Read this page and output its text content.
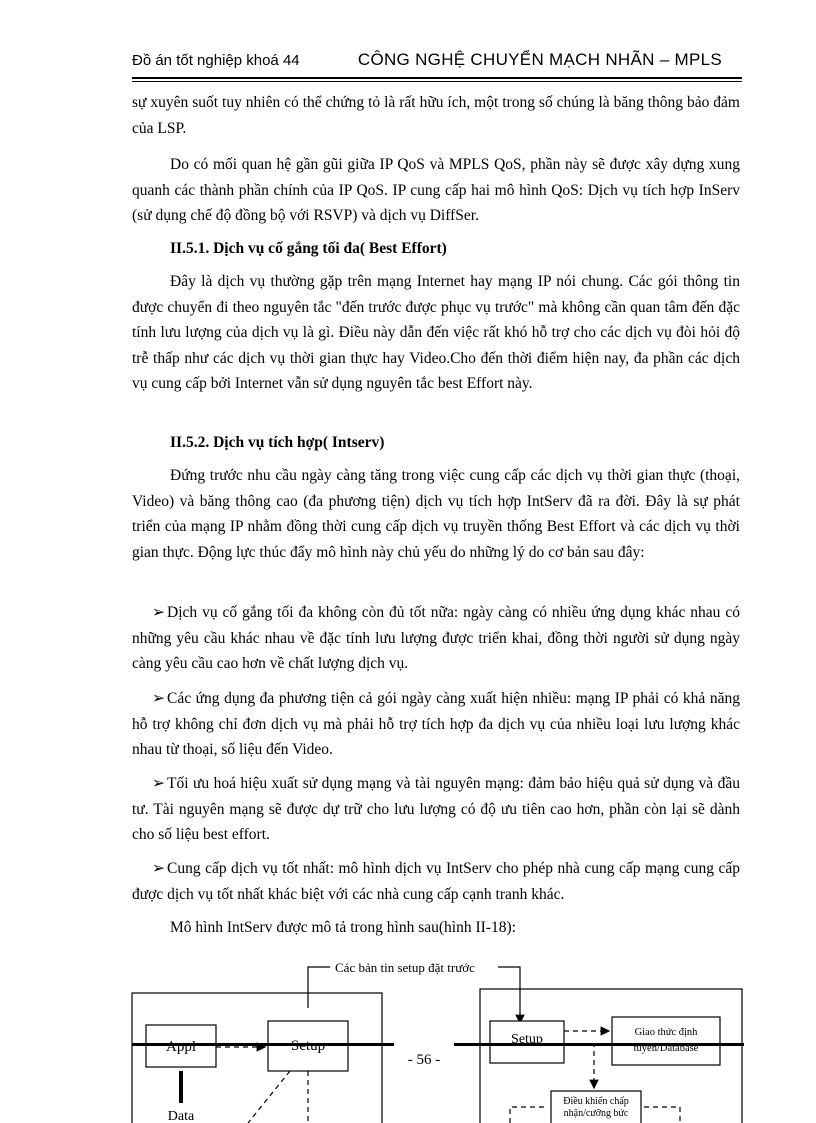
Đồ án tốt nghiệp khoá 44	CÔNG NGHỆ CHUYỂN MẠCH NHÃN – MPLS

sự xuyên suốt tuy nhiên có thể chứng tỏ là rất hữu ích, một trong số chúng là băng thông bảo đảm của LSP.

Do có mối quan hệ gần gũi giữa IP QoS và MPLS QoS, phần này sẽ được xây dựng xung quanh các thành phần chính của IP QoS. IP cung cấp hai mô hình QoS: Dịch vụ tích hợp InServ (sử dụng chế độ đồng bộ với RSVP) và dịch vụ DiffSer.

II.5.1. Dịch vụ cố gắng tối đa( Best Effort)

Đây là dịch vụ thường gặp trên mạng Internet hay mạng IP nói chung. Các gói thông tin được chuyển đi theo nguyên tắc "đến trước được phục vụ trước" mà không cần quan tâm đến đặc tính lưu lượng của dịch vụ là gì. Điều này dẫn đến việc rất khó hỗ trợ cho các dịch vụ đòi hỏi độ trễ thấp như các dịch vụ thời gian thực hay Video.Cho đến thời điểm hiện nay, đa phần các dịch vụ cung cấp bởi Internet vẫn sử dụng nguyên tắc best Effort này.

II.5.2. Dịch vụ tích hợp( Intserv)

Đứng trước nhu cầu ngày càng tăng trong việc cung cấp các dịch vụ thời gian thực (thoại, Video) và băng thông cao (đa phương tiện) dịch vụ tích hợp IntServ đã ra đời. Đây là sự phát triển của mạng IP nhằm đồng thời cung cấp dịch vụ truyền thống Best Effort và các dịch vụ thời gian thực. Động lực thúc đẩy mô hình này chủ yếu do những lý do cơ bản sau đây:

➢ Dịch vụ cố gắng tối đa không còn đủ tốt nữa: ngày càng có nhiều ứng dụng khác nhau có những yêu cầu khác nhau về đặc tính lưu lượng được triển khai, đồng thời người sử dụng ngày càng yêu cầu cao hơn về chất lượng dịch vụ.

➢ Các ứng dụng đa phương tiện cả gói ngày càng xuất hiện nhiều: mạng IP phải có khả năng hỗ trợ không chỉ đơn dịch vụ mà phải hỗ trợ tích hợp đa dịch vụ của nhiều loại lưu lượng khác nhau từ thoại, số liệu đến Video.

➢ Tối ưu hoá hiệu xuất sử dụng mạng và tài nguyên mạng: đảm bảo hiệu quả sử dụng và đầu tư. Tài nguyên mạng sẽ được dự trữ cho lưu lượng có độ ưu tiên cao hơn, phần còn lại sẽ dành cho số liệu best effort.

➢ Cung cấp dịch vụ tốt nhất: mô hình dịch vụ IntServ cho phép nhà cung cấp mạng cung cấp được dịch vụ tốt nhất khác biệt với các nhà cung cấp cạnh tranh khác.

Mô hình IntServ được mô tả trong hình sau(hình II-18):

Các bản tin setup đặt trước
Appl	Setup
Data
Setup	Giao thức định
tuyến/Database
Điều khiển chấp
nhận/cưỡng bức
- 56 -
